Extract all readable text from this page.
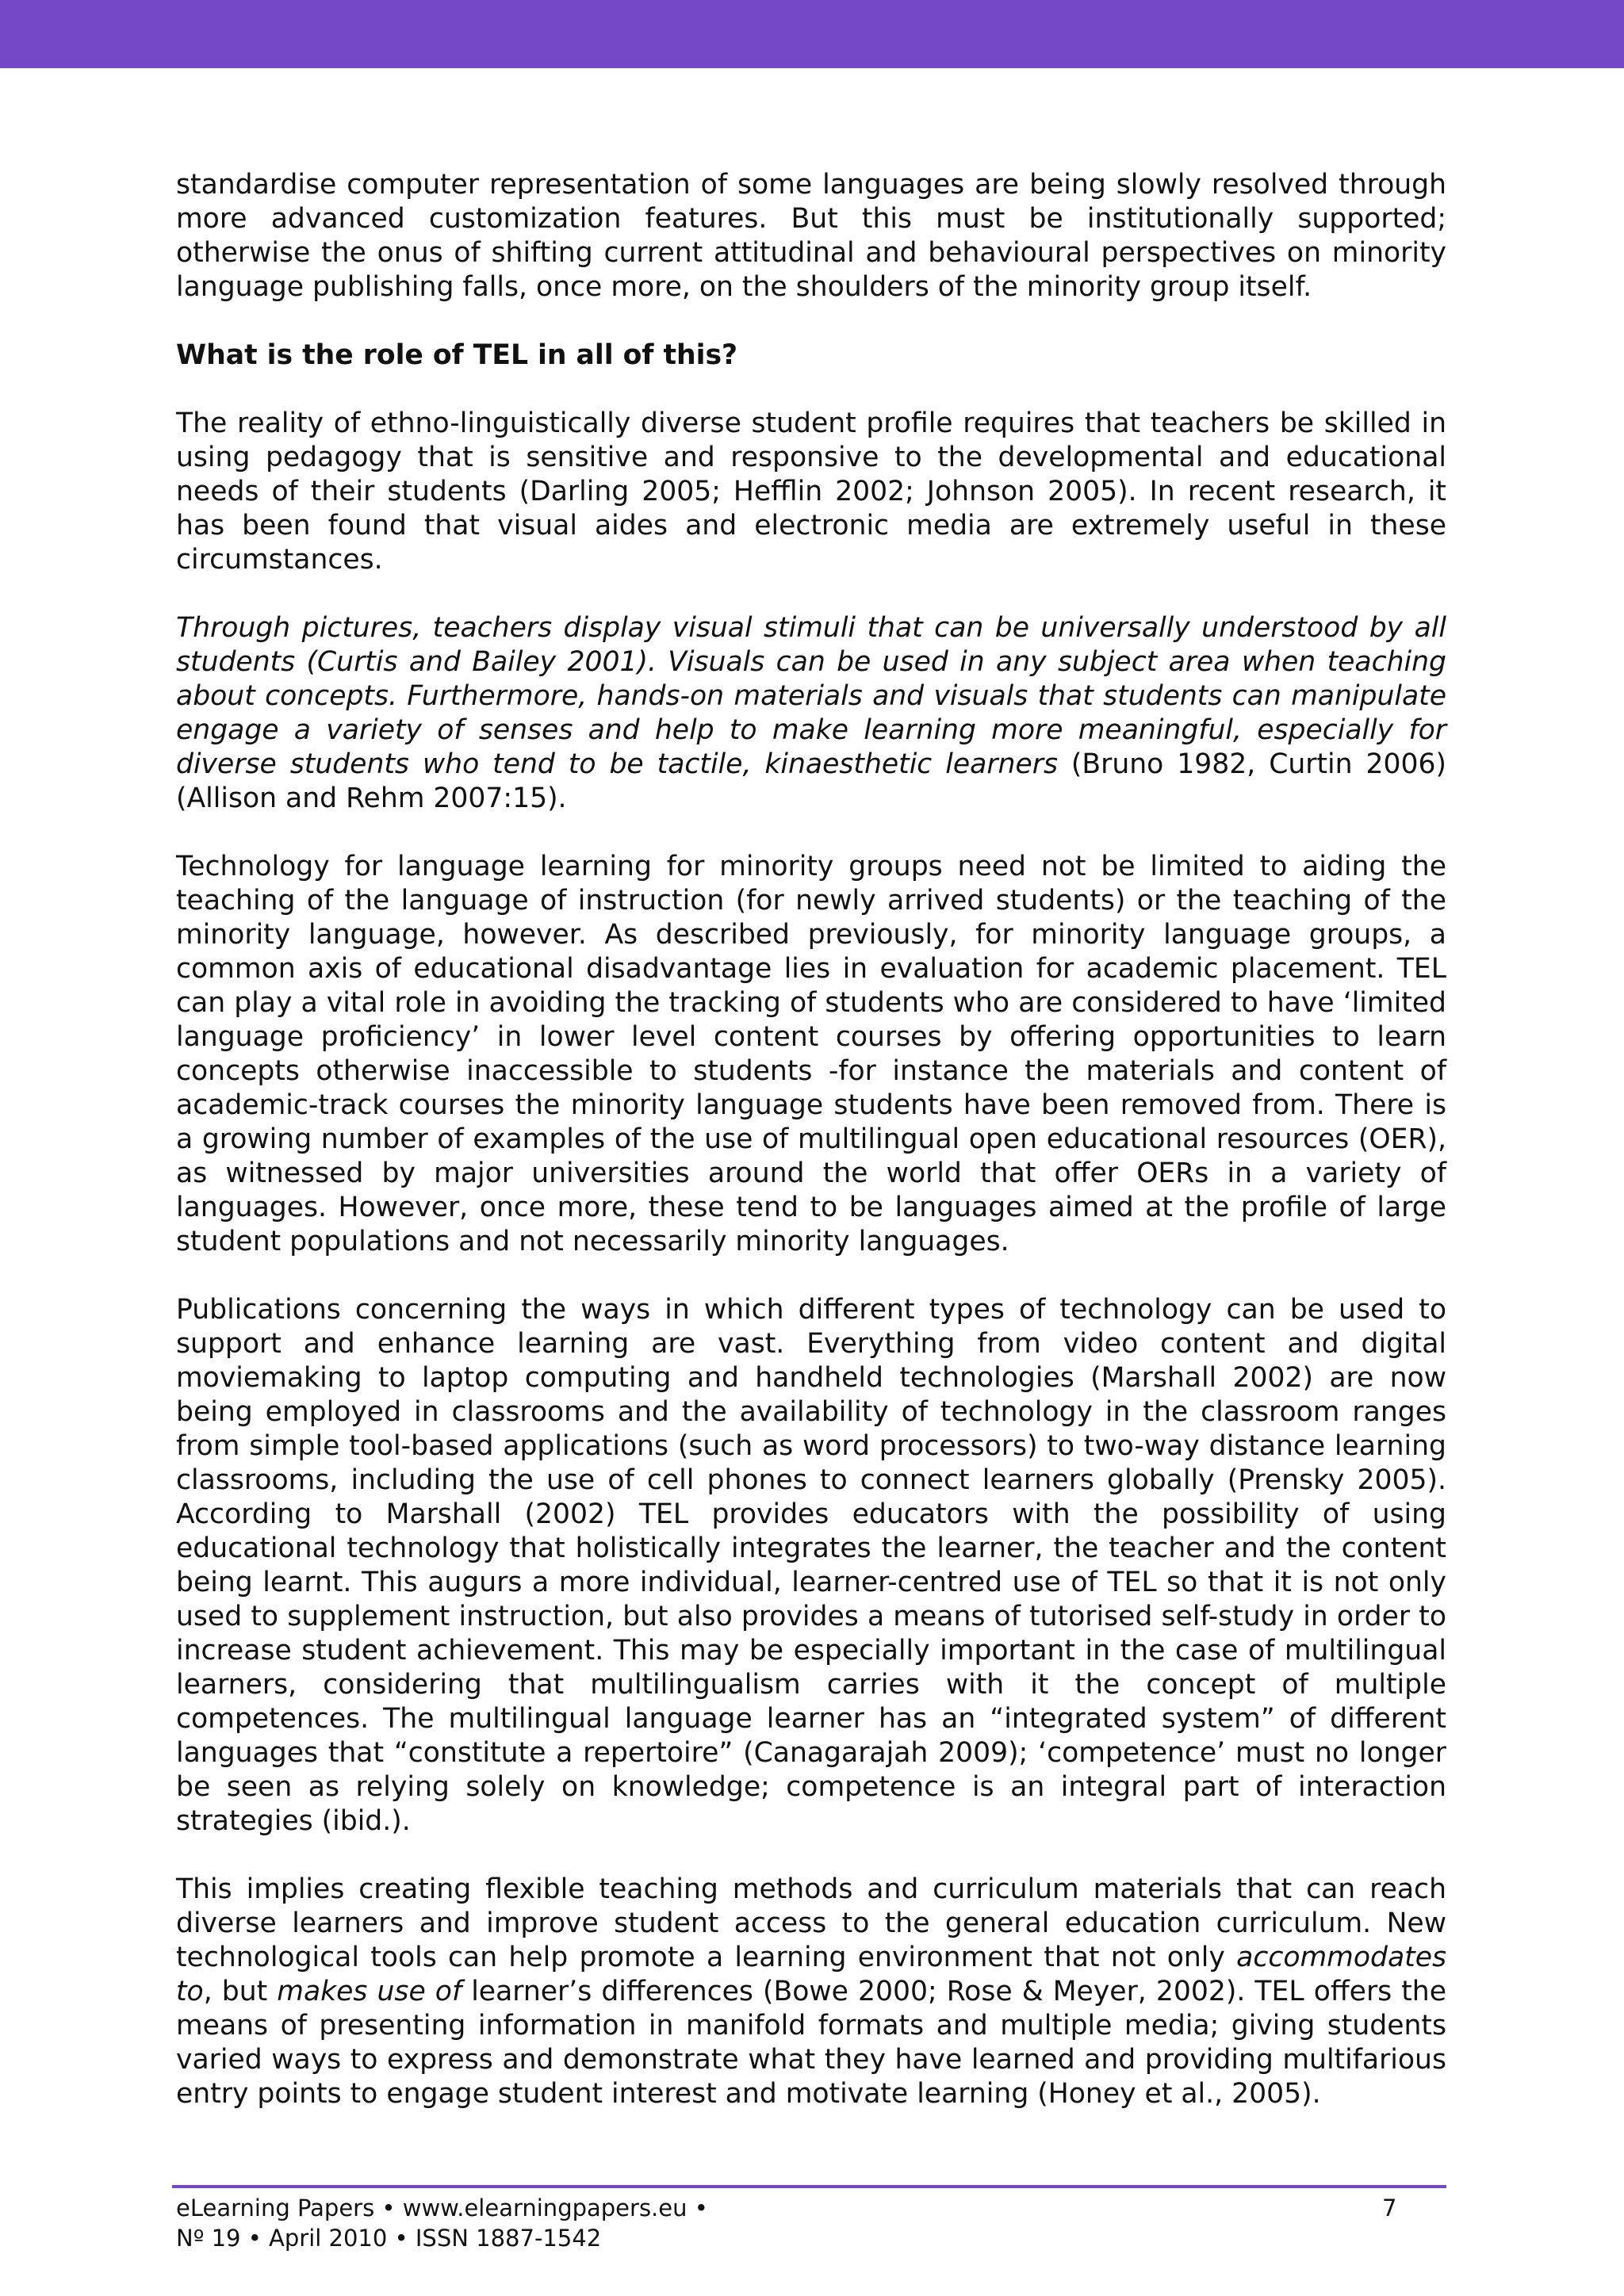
standardise computer representation of some languages are being slowly resolved through more advanced customization features. But this must be institutionally supported; otherwise the onus of shifting current attitudinal and behavioural perspectives on minority language publishing falls, once more, on the shoulders of the minority group itself.

What is the role of TEL in all of this?

The reality of ethno-linguistically diverse student profile requires that teachers be skilled in using pedagogy that is sensitive and responsive to the developmental and educational needs of their students (Darling 2005; Hefflin 2002; Johnson 2005). In recent research, it has been found that visual aides and electronic media are extremely useful in these circumstances.

Through pictures, teachers display visual stimuli that can be universally understood by all students (Curtis and Bailey 2001). Visuals can be used in any subject area when teaching about concepts. Furthermore, hands-on materials and visuals that students can manipulate engage a variety of senses and help to make learning more meaningful, especially for diverse students who tend to be tactile, kinaesthetic learners (Bruno 1982, Curtin 2006) (Allison and Rehm 2007:15).

Technology for language learning for minority groups need not be limited to aiding the teaching of the language of instruction (for newly arrived students) or the teaching of the minority language, however. As described previously, for minority language groups, a common axis of educational disadvantage lies in evaluation for academic placement. TEL can play a vital role in avoiding the tracking of students who are considered to have ‘limited language proficiency’ in lower level content courses by offering opportunities to learn concepts otherwise inaccessible to students -for instance the materials and content of academic-track courses the minority language students have been removed from. There is a growing number of examples of the use of multilingual open educational resources (OER), as witnessed by major universities around the world that offer OERs in a variety of languages. However, once more, these tend to be languages aimed at the profile of large student populations and not necessarily minority languages.

Publications concerning the ways in which different types of technology can be used to support and enhance learning are vast. Everything from video content and digital moviemaking to laptop computing and handheld technologies (Marshall 2002) are now being employed in classrooms and the availability of technology in the classroom ranges from simple tool-based applications (such as word processors) to two-way distance learning classrooms, including the use of cell phones to connect learners globally (Prensky 2005). According to Marshall (2002) TEL provides educators with the possibility of using educational technology that holistically integrates the learner, the teacher and the content being learnt. This augurs a more individual, learner-centred use of TEL so that it is not only used to supplement instruction, but also provides a means of tutorised self-study in order to increase student achievement. This may be especially important in the case of multilingual learners, considering that multilingualism carries with it the concept of multiple competences. The multilingual language learner has an “integrated system” of different languages that “constitute a repertoire” (Canagarajah 2009); ‘competence’ must no longer be seen as relying solely on knowledge; competence is an integral part of interaction strategies (ibid.).

This implies creating flexible teaching methods and curriculum materials that can reach diverse learners and improve student access to the general education curriculum. New technological tools can help promote a learning environment that not only accommodates to, but makes use of learner’s differences (Bowe 2000; Rose & Meyer, 2002). TEL offers the means of presenting information in manifold formats and multiple media; giving students varied ways to express and demonstrate what they have learned and providing multifarious entry points to engage student interest and motivate learning (Honey et al., 2005).

eLearning Papers • www.elearningpapers.eu •
Nº 19 • April 2010 • ISSN 1887-1542
7
